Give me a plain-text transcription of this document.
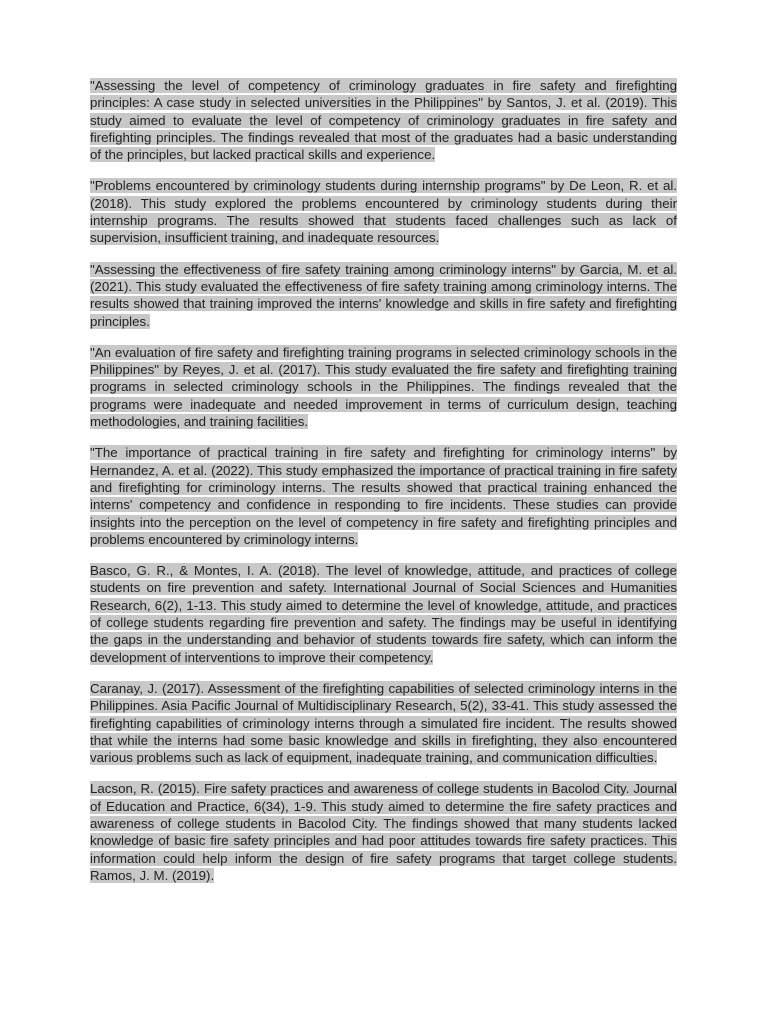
"Assessing the level of competency of criminology graduates in fire safety and firefighting principles: A case study in selected universities in the Philippines" by Santos, J. et al. (2019). This study aimed to evaluate the level of competency of criminology graduates in fire safety and firefighting principles. The findings revealed that most of the graduates had a basic understanding of the principles, but lacked practical skills and experience.

"Problems encountered by criminology students during internship programs" by De Leon, R. et al. (2018). This study explored the problems encountered by criminology students during their internship programs. The results showed that students faced challenges such as lack of supervision, insufficient training, and inadequate resources.

"Assessing the effectiveness of fire safety training among criminology interns" by Garcia, M. et al. (2021). This study evaluated the effectiveness of fire safety training among criminology interns. The results showed that training improved the interns' knowledge and skills in fire safety and firefighting principles.

"An evaluation of fire safety and firefighting training programs in selected criminology schools in the Philippines" by Reyes, J. et al. (2017). This study evaluated the fire safety and firefighting training programs in selected criminology schools in the Philippines. The findings revealed that the programs were inadequate and needed improvement in terms of curriculum design, teaching methodologies, and training facilities.

"The importance of practical training in fire safety and firefighting for criminology interns" by Hernandez, A. et al. (2022). This study emphasized the importance of practical training in fire safety and firefighting for criminology interns. The results showed that practical training enhanced the interns' competency and confidence in responding to fire incidents. These studies can provide insights into the perception on the level of competency in fire safety and firefighting principles and problems encountered by criminology interns.

Basco, G. R., & Montes, I. A. (2018). The level of knowledge, attitude, and practices of college students on fire prevention and safety. International Journal of Social Sciences and Humanities Research, 6(2), 1-13. This study aimed to determine the level of knowledge, attitude, and practices of college students regarding fire prevention and safety. The findings may be useful in identifying the gaps in the understanding and behavior of students towards fire safety, which can inform the development of interventions to improve their competency.

Caranay, J. (2017). Assessment of the firefighting capabilities of selected criminology interns in the Philippines. Asia Pacific Journal of Multidisciplinary Research, 5(2), 33-41. This study assessed the firefighting capabilities of criminology interns through a simulated fire incident. The results showed that while the interns had some basic knowledge and skills in firefighting, they also encountered various problems such as lack of equipment, inadequate training, and communication difficulties.

Lacson, R. (2015). Fire safety practices and awareness of college students in Bacolod City. Journal of Education and Practice, 6(34), 1-9. This study aimed to determine the fire safety practices and awareness of college students in Bacolod City. The findings showed that many students lacked knowledge of basic fire safety principles and had poor attitudes towards fire safety practices. This information could help inform the design of fire safety programs that target college students. Ramos, J. M. (2019).
